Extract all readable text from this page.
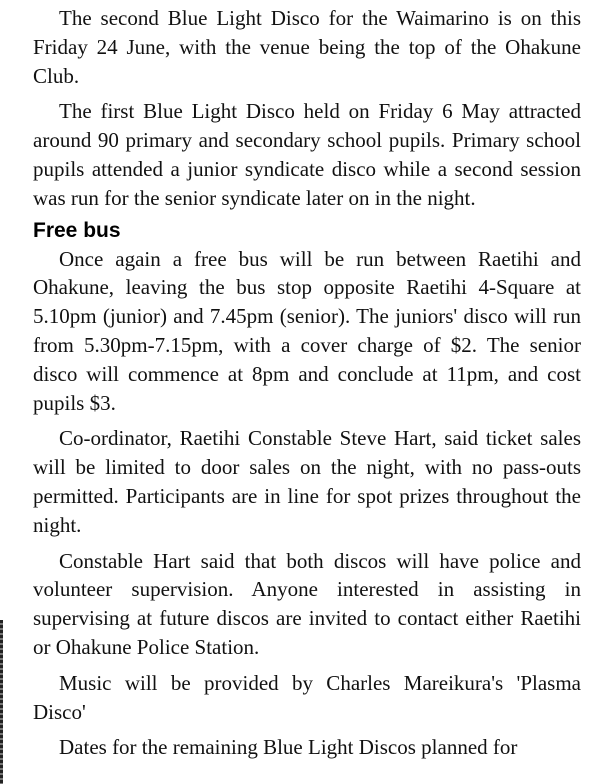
The second Blue Light Disco for the Waimarino is on this Friday 24 June, with the venue being the top of the Ohakune Club.

The first Blue Light Disco held on Friday 6 May attracted around 90 primary and secondary school pupils. Primary school pupils attended a junior syndicate disco while a second session was run for the senior syndicate later on in the night.

Free bus

Once again a free bus will be run between Raetihi and Ohakune, leaving the bus stop opposite Raetihi 4-Square at 5.10pm (junior) and 7.45pm (senior). The juniors' disco will run from 5.30pm-7.15pm, with a cover charge of $2. The senior disco will commence at 8pm and conclude at 11pm, and cost pupils $3.

Co-ordinator, Raetihi Constable Steve Hart, said ticket sales will be limited to door sales on the night, with no pass-outs permitted. Participants are in line for spot prizes throughout the night.

Constable Hart said that both discos will have police and volunteer supervision. Anyone interested in assisting in supervising at future discos are invited to contact either Raetihi or Ohakune Police Station.

Music will be provided by Charles Mareikura's 'Plasma Disco'

Dates for the remaining Blue Light Discos planned for
